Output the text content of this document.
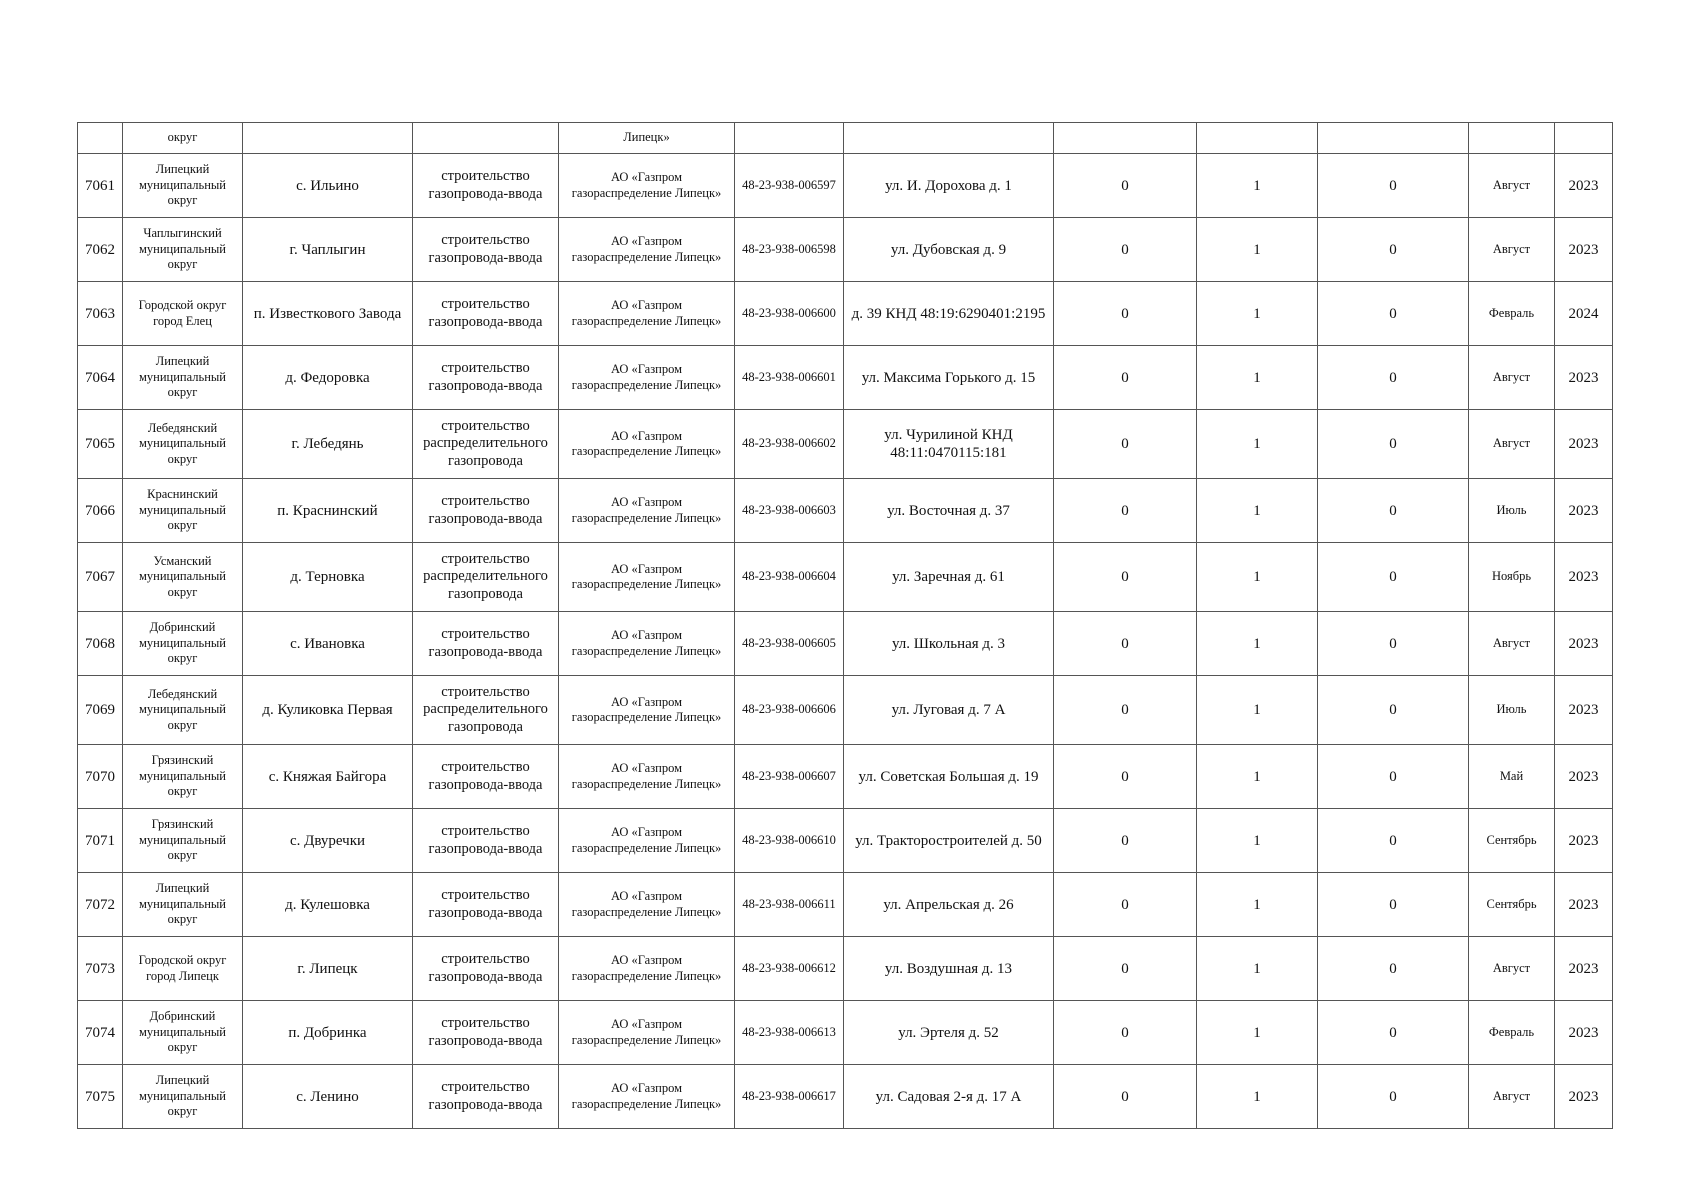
	округ			Липецк»							
7061	Липецкий муниципальный округ	с. Ильино	строительство газопровода-ввода	АО «Газпром газораспределение Липецк»	48-23-938-006597	ул. И. Дорохова д. 1	0	1	0	Август	2023
7062	Чаплыгинский муниципальный округ	г. Чаплыгин	строительство газопровода-ввода	АО «Газпром газораспределение Липецк»	48-23-938-006598	ул. Дубовская д. 9	0	1	0	Август	2023
7063	Городской округ город Елец	п. Известкового Завода	строительство газопровода-ввода	АО «Газпром газораспределение Липецк»	48-23-938-006600	д. 39 КНД 48:19:6290401:2195	0	1	0	Февраль	2024
7064	Липецкий муниципальный округ	д. Федоровка	строительство газопровода-ввода	АО «Газпром газораспределение Липецк»	48-23-938-006601	ул. Максима Горького д. 15	0	1	0	Август	2023
7065	Лебедянский муниципальный округ	г. Лебедянь	строительство распределительного газопровода	АО «Газпром газораспределение Липецк»	48-23-938-006602	ул. Чурилиной КНД 48:11:0470115:181	0	1	0	Август	2023
7066	Краснинский муниципальный округ	п. Краснинский	строительство газопровода-ввода	АО «Газпром газораспределение Липецк»	48-23-938-006603	ул. Восточная д. 37	0	1	0	Июль	2023
7067	Усманский муниципальный округ	д. Терновка	строительство распределительного газопровода	АО «Газпром газораспределение Липецк»	48-23-938-006604	ул. Заречная д. 61	0	1	0	Ноябрь	2023
7068	Добринский муниципальный округ	с. Ивановка	строительство газопровода-ввода	АО «Газпром газораспределение Липецк»	48-23-938-006605	ул. Школьная д. 3	0	1	0	Август	2023
7069	Лебедянский муниципальный округ	д. Куликовка Первая	строительство распределительного газопровода	АО «Газпром газораспределение Липецк»	48-23-938-006606	ул. Луговая д. 7 А	0	1	0	Июль	2023
7070	Грязинский муниципальный округ	с. Княжая Байгора	строительство газопровода-ввода	АО «Газпром газораспределение Липецк»	48-23-938-006607	ул. Советская Большая д. 19	0	1	0	Май	2023
7071	Грязинский муниципальный округ	с. Двуречки	строительство газопровода-ввода	АО «Газпром газораспределение Липецк»	48-23-938-006610	ул. Тракторостроителей д. 50	0	1	0	Сентябрь	2023
7072	Липецкий муниципальный округ	д. Кулешовка	строительство газопровода-ввода	АО «Газпром газораспределение Липецк»	48-23-938-006611	ул. Апрельская д. 26	0	1	0	Сентябрь	2023
7073	Городской округ город Липецк	г. Липецк	строительство газопровода-ввода	АО «Газпром газораспределение Липецк»	48-23-938-006612	ул. Воздушная д. 13	0	1	0	Август	2023
7074	Добринский муниципальный округ	п. Добринка	строительство газопровода-ввода	АО «Газпром газораспределение Липецк»	48-23-938-006613	ул. Эртеля д. 52	0	1	0	Февраль	2023
7075	Липецкий муниципальный округ	с. Ленино	строительство газопровода-ввода	АО «Газпром газораспределение Липецк»	48-23-938-006617	ул. Садовая 2-я д. 17 А	0	1	0	Август	2023
